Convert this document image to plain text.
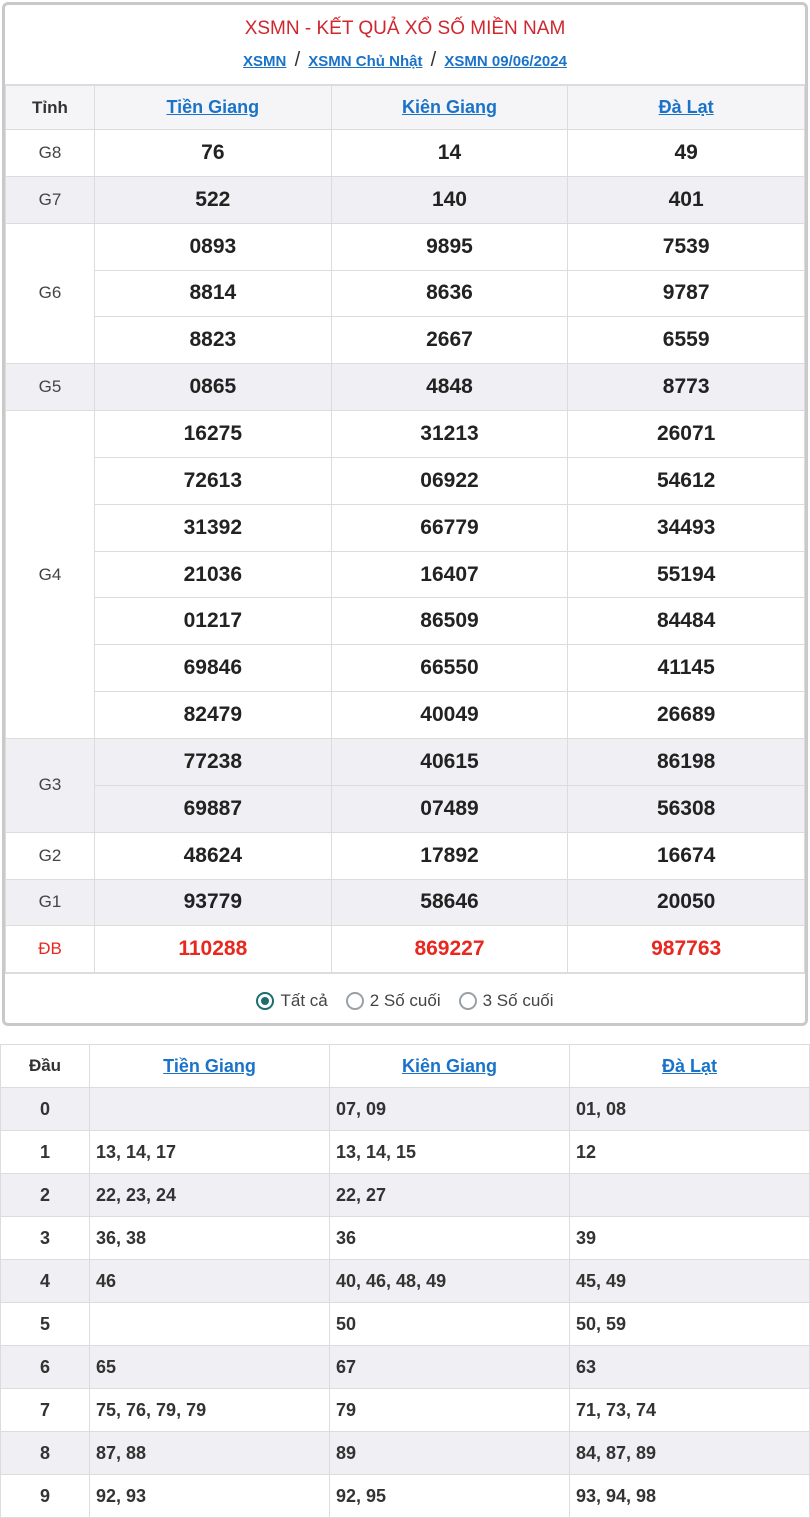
XSMN - KẾT QUẢ XỔ SỐ MIỀN NAM
XSMN / XSMN Chủ Nhật / XSMN 09/06/2024
Tỉnh	Tiền Giang	Kiên Giang	Đà Lạt
G8	76	14	49
G7	522	140	401
G6	0893	9895	7539
	8814	8636	9787
	8823	2667	6559
G5	0865	4848	8773
G4	16275	31213	26071
	72613	06922	54612
	31392	66779	34493
	21036	16407	55194
	01217	86509	84484
	69846	66550	41145
	82479	40049	26689
G3	77238	40615	86198
	69887	07489	56308
G2	48624	17892	16674
G1	93779	58646	20050
ĐB	110288	869227	987763
Tất cả 2 Số cuối 3 Số cuối
Đầu	Tiền Giang	Kiên Giang	Đà Lạt
0		07, 09	01, 08
1	13, 14, 17	13, 14, 15	12
2	22, 23, 24	22, 27	
3	36, 38	36	39
4	46	40, 46, 48, 49	45, 49
5		50	50, 59
6	65	67	63
7	75, 76, 79, 79	79	71, 73, 74
8	87, 88	89	84, 87, 89
9	92, 93	92, 95	93, 94, 98
